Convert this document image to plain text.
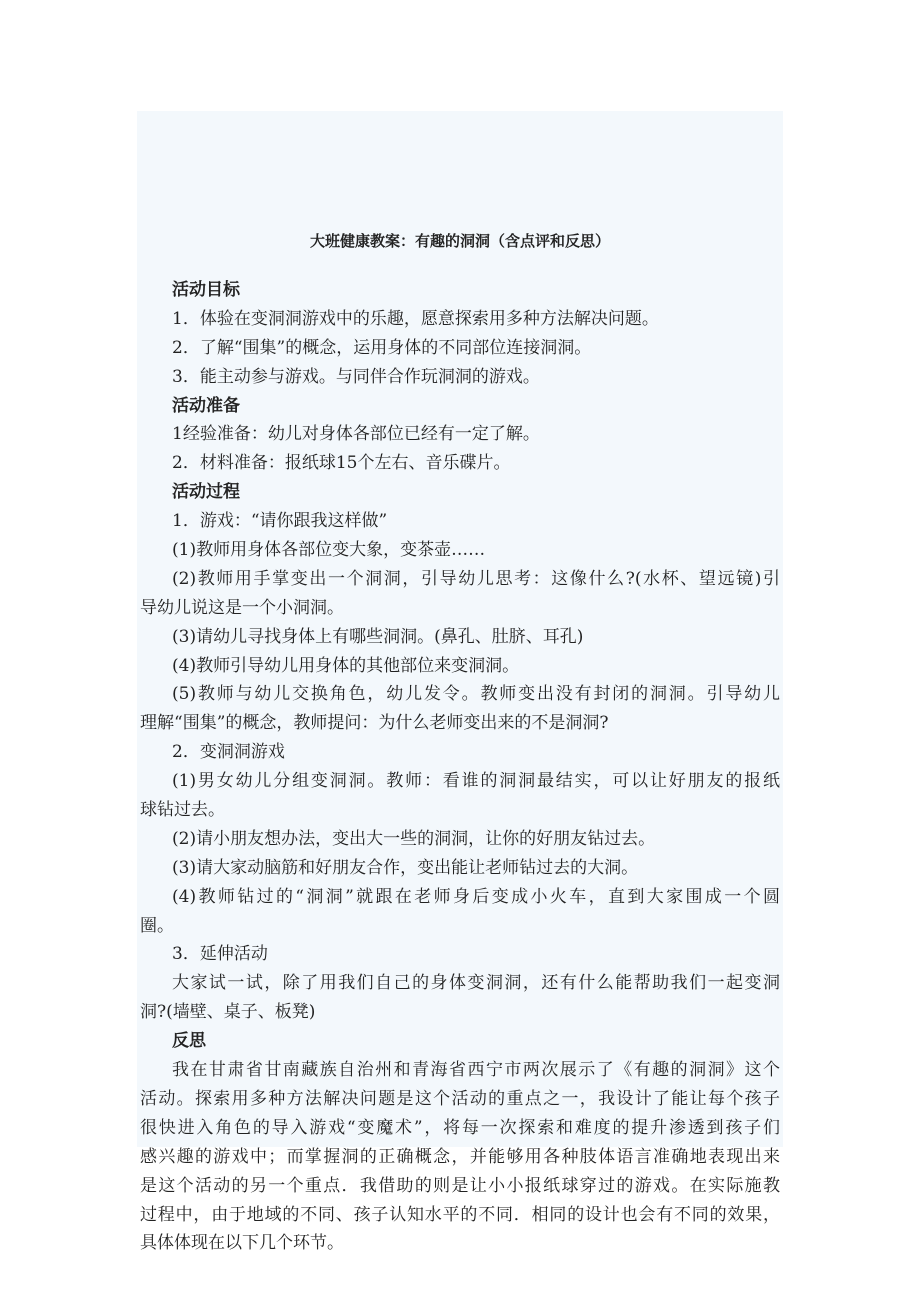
大班健康教案：有趣的洞洞（含点评和反思）
活动目标
1．体验在变洞洞游戏中的乐趣，愿意探索用多种方法解决问题。
2．了解“围集”的概念，运用身体的不同部位连接洞洞。
3．能主动参与游戏。与同伴合作玩洞洞的游戏。
活动准备
1经验准备：幼儿对身体各部位已经有一定了解。
2．材料准备：报纸球15个左右、音乐碟片。
活动过程
1．游戏：“请你跟我这样做”
(1)教师用身体各部位变大象，变茶壶……
(2)教师用手掌变出一个洞洞，引导幼儿思考：这像什么?(水杯、望远镜)引
导幼儿说这是一个小洞洞。
(3)请幼儿寻找身体上有哪些洞洞。(鼻孔、肚脐、耳孔)
(4)教师引导幼儿用身体的其他部位来变洞洞。
(5)教师与幼儿交换角色，幼儿发令。教师变出没有封闭的洞洞。引导幼儿
理解“围集”的概念，教师提问：为什么老师变出来的不是洞洞?
2．变洞洞游戏
(1)男女幼儿分组变洞洞。教师：看谁的洞洞最结实，可以让好朋友的报纸
球钻过去。
(2)请小朋友想办法，变出大一些的洞洞，让你的好朋友钻过去。
(3)请大家动脑筋和好朋友合作，变出能让老师钻过去的大洞。
(4)教师钻过的“洞洞”就跟在老师身后变成小火车，直到大家围成一个圆
圈。
3．延伸活动
大家试一试，除了用我们自己的身体变洞洞，还有什么能帮助我们一起变洞
洞?(墙壁、桌子、板凳)
反思
我在甘肃省甘南藏族自治州和青海省西宁市两次展示了《有趣的洞洞》这个
活动。探索用多种方法解决问题是这个活动的重点之一，我设计了能让每个孩子
很快进入角色的导入游戏“变魔术”，将每一次探索和难度的提升渗透到孩子们
感兴趣的游戏中；而掌握洞的正确概念，并能够用各种肢体语言准确地表现出来
是这个活动的另一个重点．我借助的则是让小小报纸球穿过的游戏。在实际施教
过程中，由于地域的不同、孩子认知水平的不同．相同的设计也会有不同的效果，
具体体现在以下几个环节。
